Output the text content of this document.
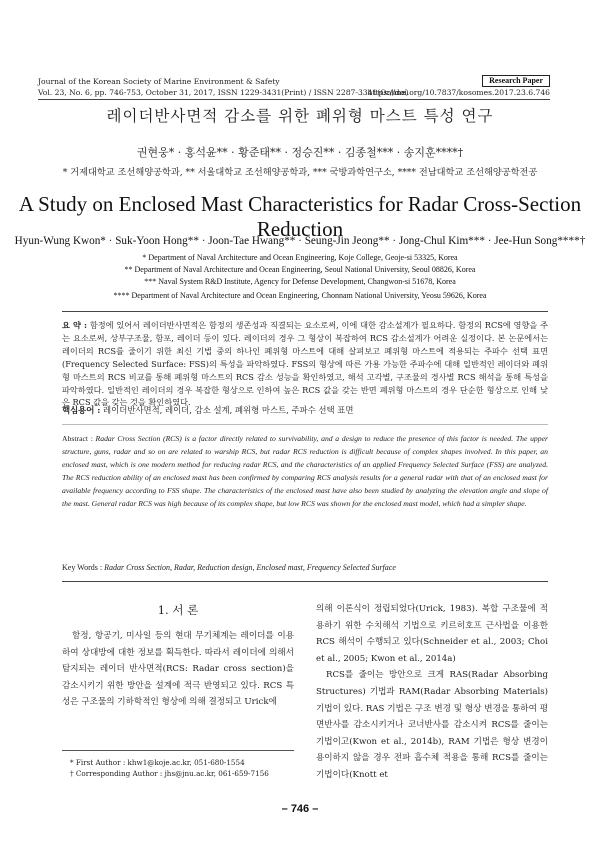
Journal of the Korean Society of Marine Environment & Safety	Research Paper
Vol. 23, No. 6, pp. 746-753, October 31, 2017, ISSN 1229-3431(Print) / ISSN 2287-3341(Online)
https://doi.org/10.7837/kosomes.2017.23.6.746
레이더반사면적 감소를 위한 폐위형 마스트 특성 연구
권현웅* · 홍석윤** · 황준태** · 정승진** · 김종철*** · 송지훈****†
* 거제대학교 조선해양공학과, ** 서울대학교 조선해양공학과, *** 국방과학연구소, **** 전남대학교 조선해양공학전공
A Study on Enclosed Mast Characteristics for Radar Cross-Section Reduction
Hyun-Wung Kwon* · Suk-Yoon Hong** · Joon-Tae Hwang** · Seung-Jin Jeong** · Jong-Chul Kim*** · Jee-Hun Song****†
* Department of Naval Architecture and Ocean Engineering, Koje College, Geoje-si 53325, Korea
** Department of Naval Architecture and Ocean Engineering, Seoul National University, Seoul 08826, Korea
*** Naval System R&D Institute, Agency for Defense Development, Changwon-si 51678, Korea
**** Department of Naval Architecture and Ocean Engineering, Chonnam National University, Yeosu 59626, Korea
요 약 : 함정에 있어서 레이더반사면적은 함정의 생존성과 직결되는 요소로써, 이에 대한 감소설계가 필요하다. 함정의 RCS에 영향을 주는 요소로써, 상부구조물, 함포, 레이더 등이 있다. 레이더의 경우 그 형상이 복잡하여 RCS 감소설계가 어려운 실정이다. 본 논문에서는 레이더의 RCS를 줄이기 위한 최신 기법 중의 하나인 폐위형 마스트에 대해 살펴보고 폐위형 마스트에 적용되는 주파수 선택 표면(Frequency Selected Surface: FSS)의 특성을 파악하였다. FSS의 형상에 따른 가용 가능한 주파수에 대해 일반적인 레이더와 폐위형 마스트의 RCS 비교를 통해 폐위형 마스트의 RCS 감소 성능을 확인하였고, 해석 고각별, 구조물의 경사별 RCS 해석을 통해 특성을 파악하였다. 일반적인 레이더의 경우 복잡한 형상으로 인하여 높은 RCS 값을 갖는 반면 폐위형 마스트의 경우 단순한 형상으로 인해 낮은 RCS 값을 갖는 것을 확인하였다.
핵심용어 : 레이더반사면적, 레이더, 감소 설계, 폐위형 마스트, 주파수 선택 표면
Abstract : Radar Cross Section (RCS) is a factor directly related to survivability, and a design to reduce the presence of this factor is needed. The upper structure, guns, radar and so on are related to warship RCS, but radar RCS reduction is difficult because of complex shapes involved. In this paper, an enclosed mast, which is one modern method for reducing radar RCS, and the characteristics of an applied Frequency Selected Surface (FSS) are analyzed. The RCS reduction ability of an enclosed mast has been confirmed by comparing RCS analysis results for a general radar with that of an enclosed mast for available frequency according to FSS shape. The characteristics of the enclosed mast have also been studied by analyzing the elevation angle and slope of the mast. General radar RCS was high because of its complex shape, but low RCS was shown for the enclosed mast model, which had a simpler shape.
Key Words : Radar Cross Section, Radar, Reduction design, Enclosed mast, Frequency Selected Surface
1. 서 론
함정, 항공기, 미사일 등의 현대 무기체계는 레이더를 이용하여 상대방에 대한 정보를 획득한다. 따라서 레이더에 의해서 탐지되는 레이더 반사면적(RCS: Radar cross section)을 감소시키기 위한 방안을 설계에 적극 반영되고 있다. RCS 특성은 구조물의 기하학적인 형상에 의해 결정되고 Urick에
의해 이론식이 정립되었다(Urick, 1983). 복합 구조물에 적용하기 위한 수치해석 기법으로 키르히호프 근사법을 이용한 RCS 해석이 수행되고 있다(Schneider et al., 2003; Choi et al., 2005; Kwon et al., 2014a)
RCS를 줄이는 방안으로 크게 RAS(Radar Absorbing Structures) 기법과 RAM(Radar Absorbing Materials) 기법이 있다. RAS 기법은 구조 변경 및 형상 변경을 통하여 평면반사를 감소시키거나 코너반사를 감소시켜 RCS를 줄이는 기법이고(Kwon et al., 2014b), RAM 기법은 형상 변경이 용이하지 않을 경우 전파 흡수체 적용을 통해 RCS를 줄이는 기법이다(Knott et
* First Author : khw1@koje.ac.kr, 051-680-1554
† Corresponding Author : jhs@jnu.ac.kr, 061-659-7156
– 746 –
